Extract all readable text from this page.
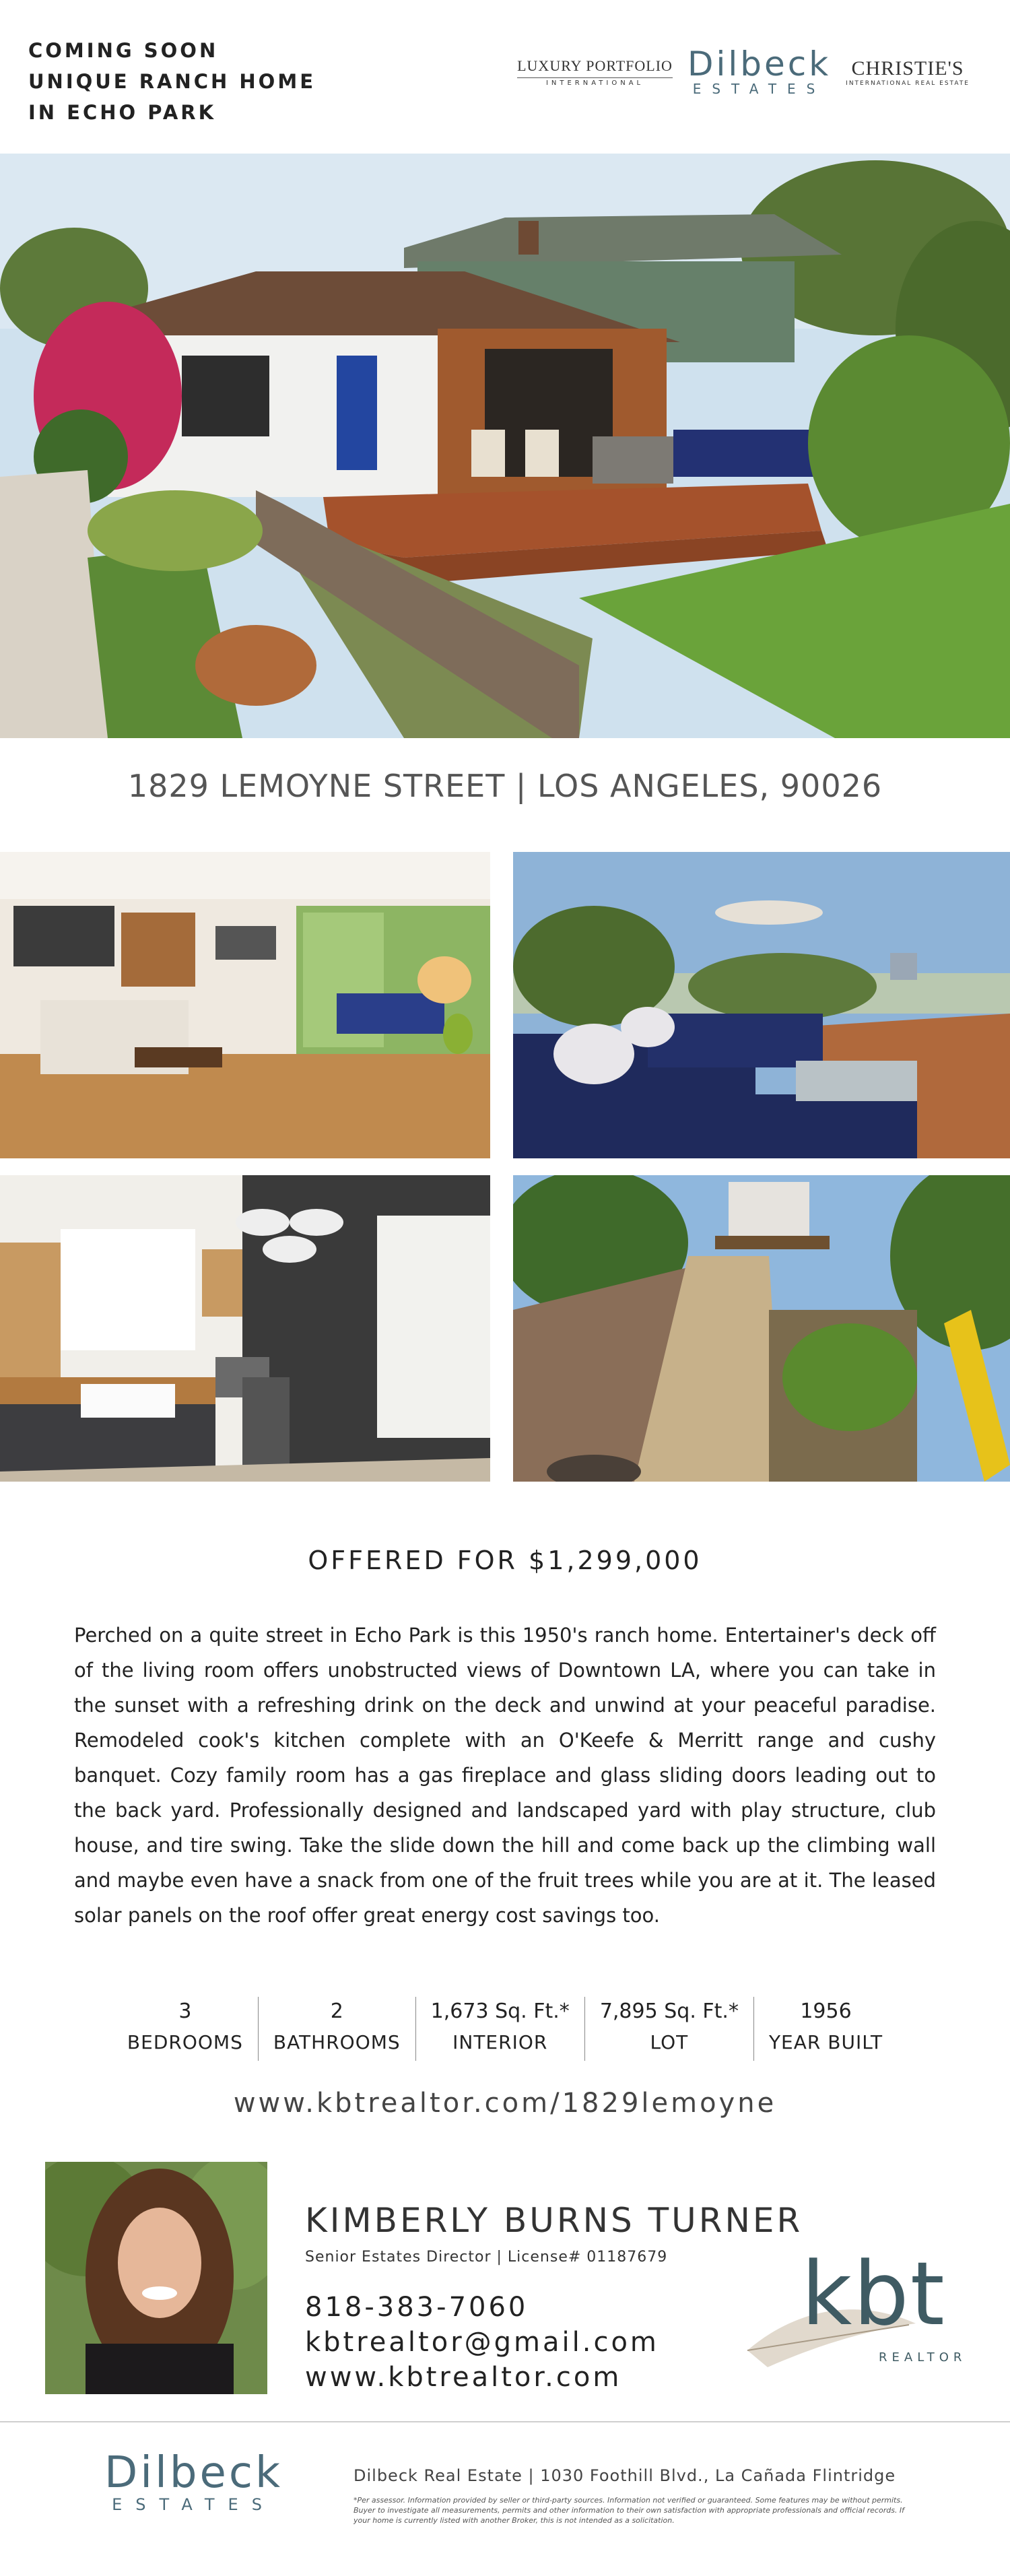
COMING SOON
UNIQUE RANCH HOME
IN ECHO PARK
LUXURY PORTFOLIO
INTERNATIONAL	Dilbeck
ESTATES
CHRISTIE'S
INTERNATIONAL REAL ESTATE
1829 LEMOYNE STREET | LOS ANGELES, 90026
OFFERED FOR $1,299,000
Perched on a quite street in Echo Park is this 1950's ranch home. Entertainer's deck off of the living room offers unobstructed views of Downtown LA, where you can take in the sunset with a refreshing drink on the deck and unwind at your peaceful paradise. Remodeled cook's kitchen complete with an O'Keefe & Merritt range and cushy banquet. Cozy family room has a gas fireplace and glass sliding doors leading out to the back yard. Professionally designed and landscaped yard with play structure, club house, and tire swing. Take the slide down the hill and come back up the climbing wall and maybe even have a snack from one of the fruit trees while you are at it. The leased solar panels on the roof offer great energy cost savings too.
3
BEDROOMS
2
BATHROOMS
1,673 Sq. Ft.*
INTERIOR
7,895 Sq. Ft.*
LOT
1956
YEAR BUILT
www.kbtrealtor.com/1829lemoyne
KIMBERLY BURNS TURNER
Senior Estates Director | License# 01187679
818-383-7060
kbtrealtor@gmail.com
www.kbtrealtor.com
kbt
REALTOR
Dilbeck
ESTATES
Dilbeck Real Estate | 1030 Foothill Blvd., La Cañada Flintridge
*Per assessor. Information provided by seller or third-party sources. Information not verified or guaranteed. Some features may be without permits. Buyer to investigate all measurements, permits and other information to their own satisfaction with appropriate professionals and official records. If your home is currently listed with another Broker, this is not intended as a solicitation.
